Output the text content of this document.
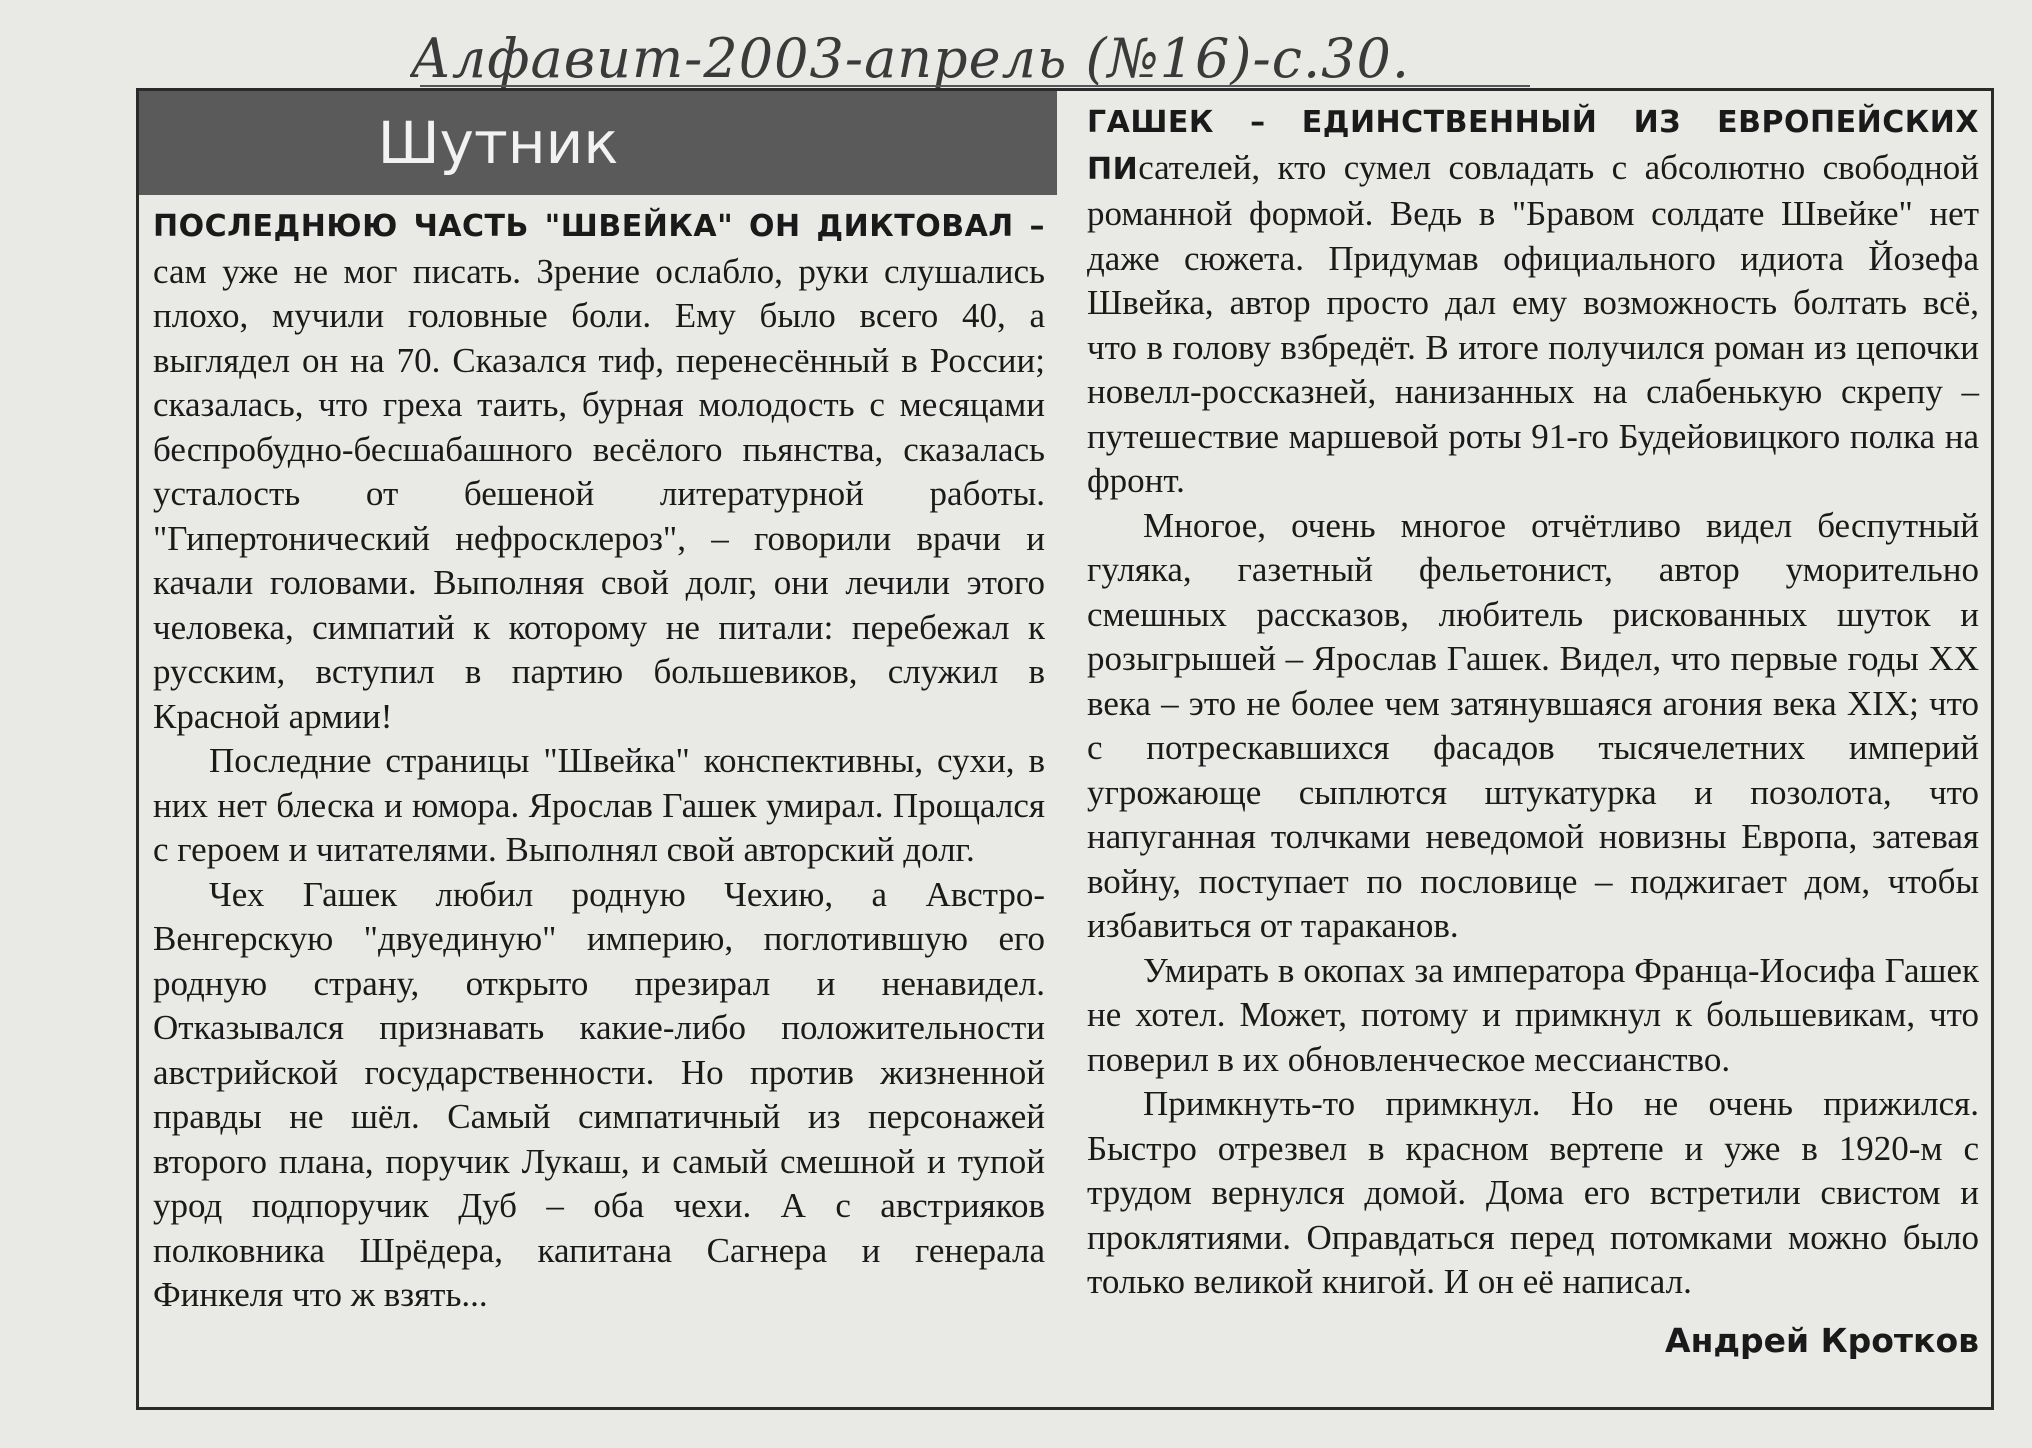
Алфавит-2003-апрель (№16)-с.30.
Шутник

ПОСЛЕДНЮЮ ЧАСТЬ "ШВЕЙКА" ОН ДИКТОВАЛ – сам уже не мог писать. Зрение ослабло, руки слушались плохо, мучили головные боли. Ему было всего 40, а выглядел он на 70. Сказался тиф, перенесённый в России; сказалась, что греха таить, бурная молодость с месяцами беспробудно-бесшабашного весёлого пьянства, сказалась усталость от бешеной литературной работы. "Гипертонический нефросклероз", – говорили врачи и качали головами. Выполняя свой долг, они лечили этого человека, симпатий к которому не питали: перебежал к русским, вступил в партию большевиков, служил в Красной армии!

Последние страницы "Швейка" конспективны, сухи, в них нет блеска и юмора. Ярослав Гашек умирал. Прощался с героем и читателями. Выполнял свой авторский долг.

Чех Гашек любил родную Чехию, а Австро-Венгерскую "двуединую" империю, поглотившую его родную страну, открыто презирал и ненавидел. Отказывался признавать какие-либо положительности австрийской государственности. Но против жизненной правды не шёл. Самый симпатичный из персонажей второго плана, поручик Лукаш, и самый смешной и тупой урод подпоручик Дуб – оба чехи. А с австрияков полковника Шрёдера, капитана Сагнера и генерала Финкеля что ж взять...

ГАШЕК – ЕДИНСТВЕННЫЙ ИЗ ЕВРОПЕЙСКИХ ПИсателей, кто сумел совладать с абсолютно свободной романной формой. Ведь в "Бравом солдате Швейке" нет даже сюжета. Придумав официального идиота Йозефа Швейка, автор просто дал ему возможность болтать всё, что в голову взбредёт. В итоге получился роман из цепочки новелл-россказней, нанизанных на слабенькую скрепу – путешествие маршевой роты 91-го Будейовицкого полка на фронт.

Многое, очень многое отчётливо видел беспутный гуляка, газетный фельетонист, автор уморительно смешных рассказов, любитель рискованных шуток и розыгрышей – Ярослав Гашек. Видел, что первые годы XX века – это не более чем затянувшаяся агония века XIX; что с потрескавшихся фасадов тысячелетних империй угрожающе сыплются штукатурка и позолота, что напуганная толчками неведомой новизны Европа, затевая войну, поступает по пословице – поджигает дом, чтобы избавиться от тараканов.

Умирать в окопах за императора Франца-Иосифа Гашек не хотел. Может, потому и примкнул к большевикам, что поверил в их обновленческое мессианство.

Примкнуть-то примкнул. Но не очень прижился. Быстро отрезвел в красном вертепе и уже в 1920-м с трудом вернулся домой. Дома его встретили свистом и проклятиями. Оправдаться перед потомками можно было только великой книгой. И он её написал.

Андрей Кротков
